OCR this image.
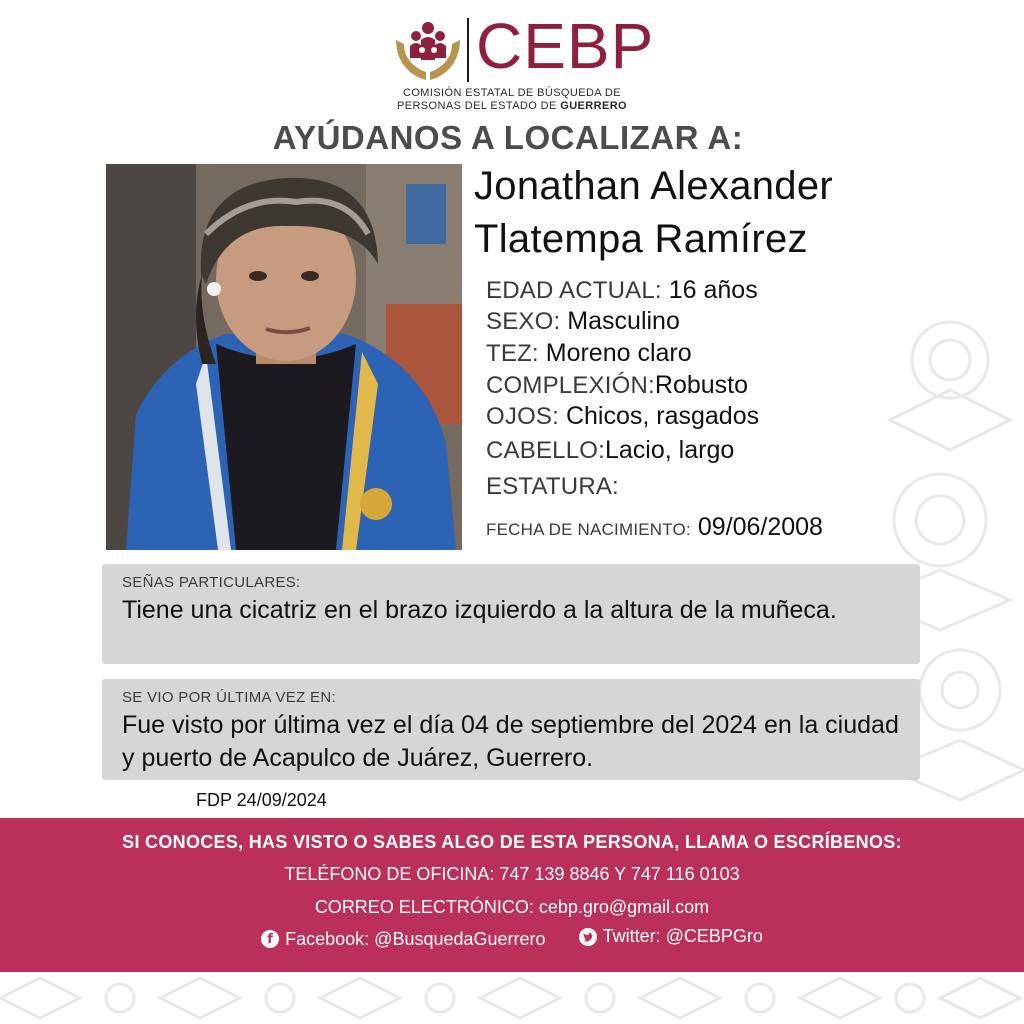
CEBP
COMISIÓN ESTATAL DE BÚSQUEDA DE
PERSONAS DEL ESTADO DE GUERRERO
AYÚDANOS A LOCALIZAR A:
Jonathan Alexander
Tlatempa Ramírez
EDAD ACTUAL: 16 años
SEXO: Masculino
TEZ: Moreno claro
COMPLEXIÓN:Robusto
OJOS: Chicos, rasgados
CABELLO:Lacio, largo
ESTATURA:
FECHA DE NACIMIENTO: 09/06/2008
SEÑAS PARTICULARES:
Tiene una cicatriz en el brazo izquierdo a la altura de la muñeca.
SE VIO POR ÚLTIMA VEZ EN:
Fue visto por última vez el día 04 de septiembre del 2024 en la ciudad y puerto de Acapulco de Juárez, Guerrero.
FDP 24/09/2024
SI CONOCES, HAS VISTO O SABES ALGO DE ESTA PERSONA, LLAMA O ESCRÍBENOS:
TELÉFONO DE OFICINA: 747 139 8846 Y 747 116 0103
CORREO ELECTRÓNICO: cebp.gro@gmail.com
f Facebook: @BusquedaGuerrero
	Twitter: @CEBPGro
